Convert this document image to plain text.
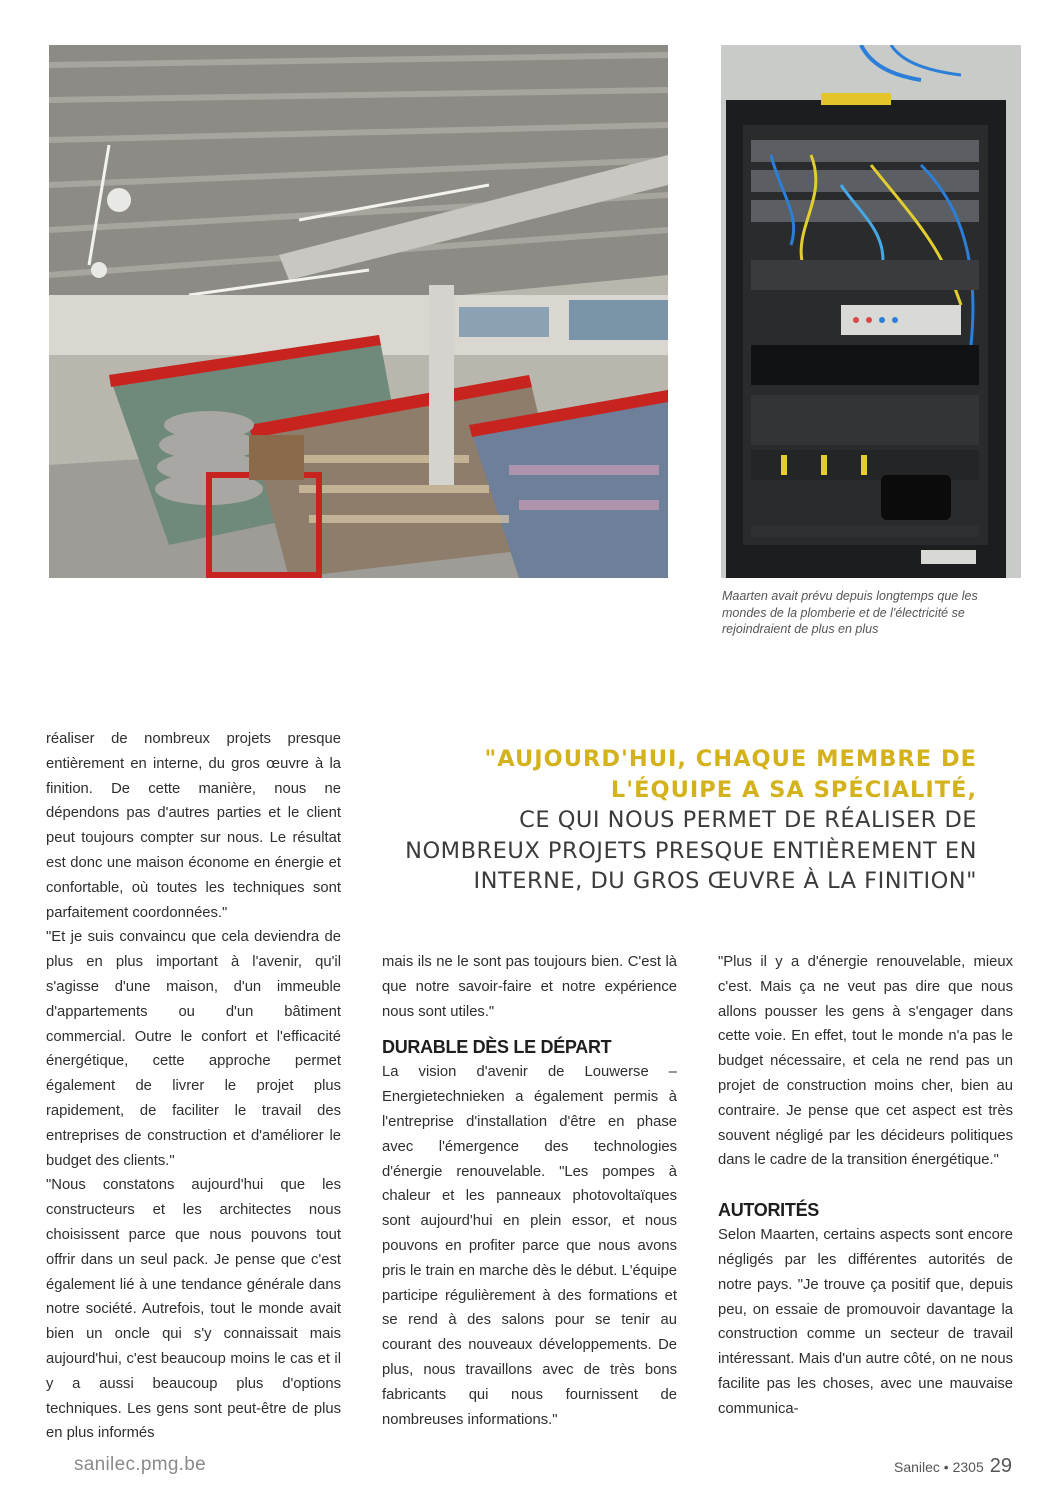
Maarten avait prévu depuis longtemps que les mondes de la plomberie et de l'électricité se rejoindraient de plus en plus

réaliser de nombreux projets presque entièrement en interne, du gros œuvre à la finition. De cette manière, nous ne dépendons pas d'autres parties et le client peut toujours compter sur nous. Le résultat est donc une maison économe en énergie et confortable, où toutes les techniques sont parfaitement coordonnées."

"Et je suis convaincu que cela deviendra de plus en plus important à l'avenir, qu'il s'agisse d'une maison, d'un immeuble d'appartements ou d'un bâtiment commercial. Outre le confort et l'efficacité énergétique, cette approche permet également de livrer le projet plus rapidement, de faciliter le travail des entreprises de construction et d'améliorer le budget des clients."

"Nous constatons aujourd'hui que les constructeurs et les architectes nous choisissent parce que nous pouvons tout offrir dans un seul pack. Je pense que c'est également lié à une tendance générale dans notre société. Autrefois, tout le monde avait bien un oncle qui s'y connaissait mais aujourd'hui, c'est beaucoup moins le cas et il y a aussi beaucoup plus d'options techniques. Les gens sont peut-être de plus en plus informés

"AUJOURD'HUI, CHAQUE MEMBRE DE L'ÉQUIPE A SA SPÉCIALITÉ,
CE QUI NOUS PERMET DE RÉALISER DE NOMBREUX PROJETS PRESQUE ENTIÈREMENT EN INTERNE, DU GROS ŒUVRE À LA FINITION"

mais ils ne le sont pas toujours bien. C'est là que notre savoir-faire et notre expérience nous sont utiles."

DURABLE DÈS LE DÉPART

La vision d'avenir de Louwerse – Energietechnieken a également permis à l'entreprise d'installation d'être en phase avec l'émergence des technologies d'énergie renouvelable. "Les pompes à chaleur et les panneaux photovoltaïques sont aujourd'hui en plein essor, et nous pouvons en profiter parce que nous avons pris le train en marche dès le début. L'équipe participe régulièrement à des formations et se rend à des salons pour se tenir au courant des nouveaux développements. De plus, nous travaillons avec de très bons fabricants qui nous fournissent de nombreuses informations."

"Plus il y a d'énergie renouvelable, mieux c'est. Mais ça ne veut pas dire que nous allons pousser les gens à s'engager dans cette voie. En effet, tout le monde n'a pas le budget nécessaire, et cela ne rend pas un projet de construction moins cher, bien au contraire. Je pense que cet aspect est très souvent négligé par les décideurs politiques dans le cadre de la transition énergétique."

AUTORITÉS

Selon Maarten, certains aspects sont encore négligés par les différentes autorités de notre pays. "Je trouve ça positif que, depuis peu, on essaie de promouvoir davantage la construction comme un secteur de travail intéressant. Mais d'un autre côté, on ne nous facilite pas les choses, avec une mauvaise communica-

sanilec.pmg.be	Sanilec • 2305 29
